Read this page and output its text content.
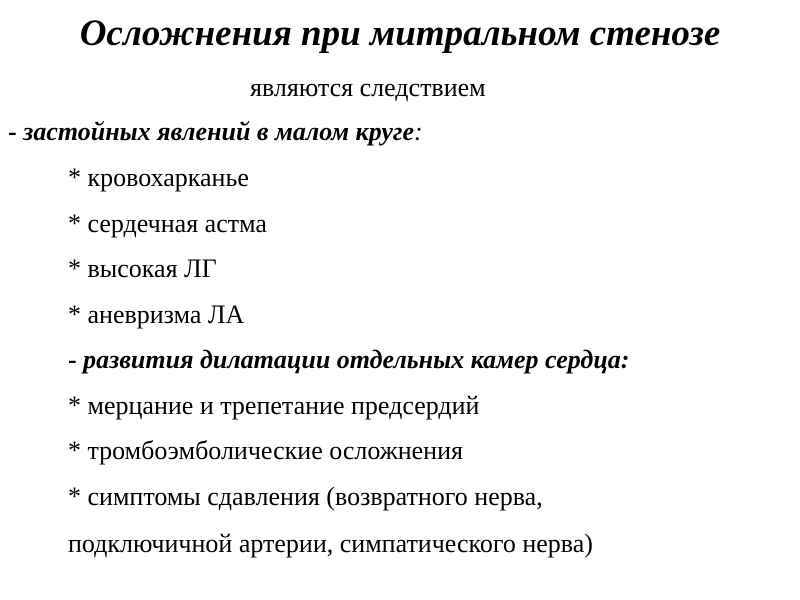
Осложнения при митральном стенозе
являются следствием
- застойных явлений в малом круге:
* кровохарканье
* сердечная астма
* высокая ЛГ
* аневризма ЛА
- развития дилатации отдельных камер сердца:
* мерцание и трепетание предсердий
* тромбоэмболические осложнения
* симптомы сдавления (возвратного нерва,
подключичной артерии, симпатического нерва)
